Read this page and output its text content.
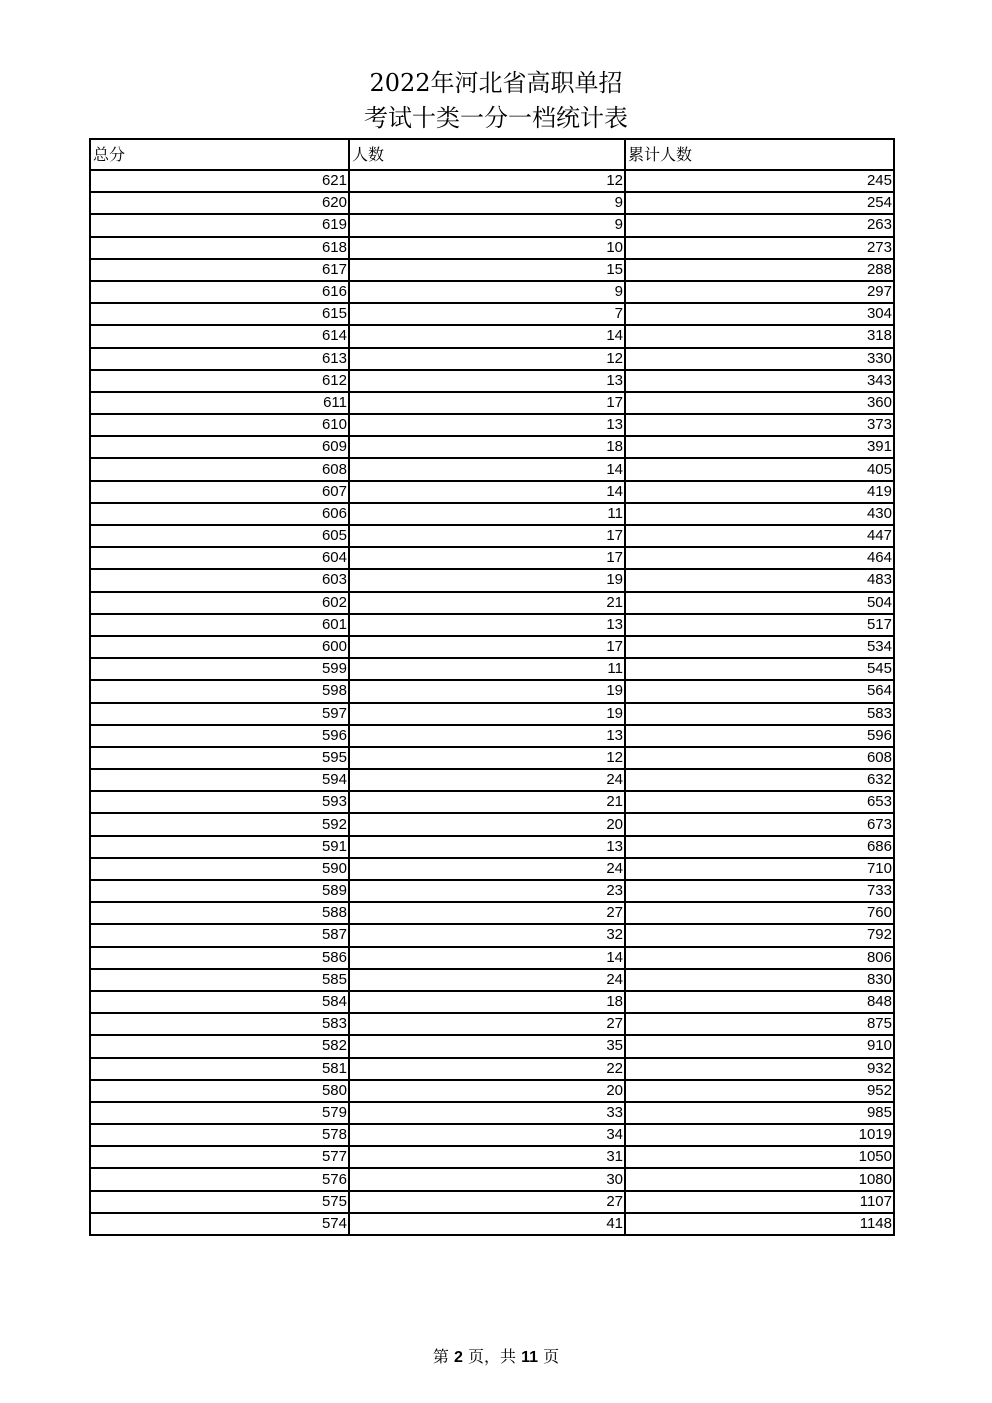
2022年河北省高职单招
考试十类一分一档统计表
总分	人数	累计人数
621	12	245
620	9	254
619	9	263
618	10	273
617	15	288
616	9	297
615	7	304
614	14	318
613	12	330
612	13	343
611	17	360
610	13	373
609	18	391
608	14	405
607	14	419
606	11	430
605	17	447
604	17	464
603	19	483
602	21	504
601	13	517
600	17	534
599	11	545
598	19	564
597	19	583
596	13	596
595	12	608
594	24	632
593	21	653
592	20	673
591	13	686
590	24	710
589	23	733
588	27	760
587	32	792
586	14	806
585	24	830
584	18	848
583	27	875
582	35	910
581	22	932
580	20	952
579	33	985
578	34	1019
577	31	1050
576	30	1080
575	27	1107
574	41	1148
第 2 页，共 11 页
